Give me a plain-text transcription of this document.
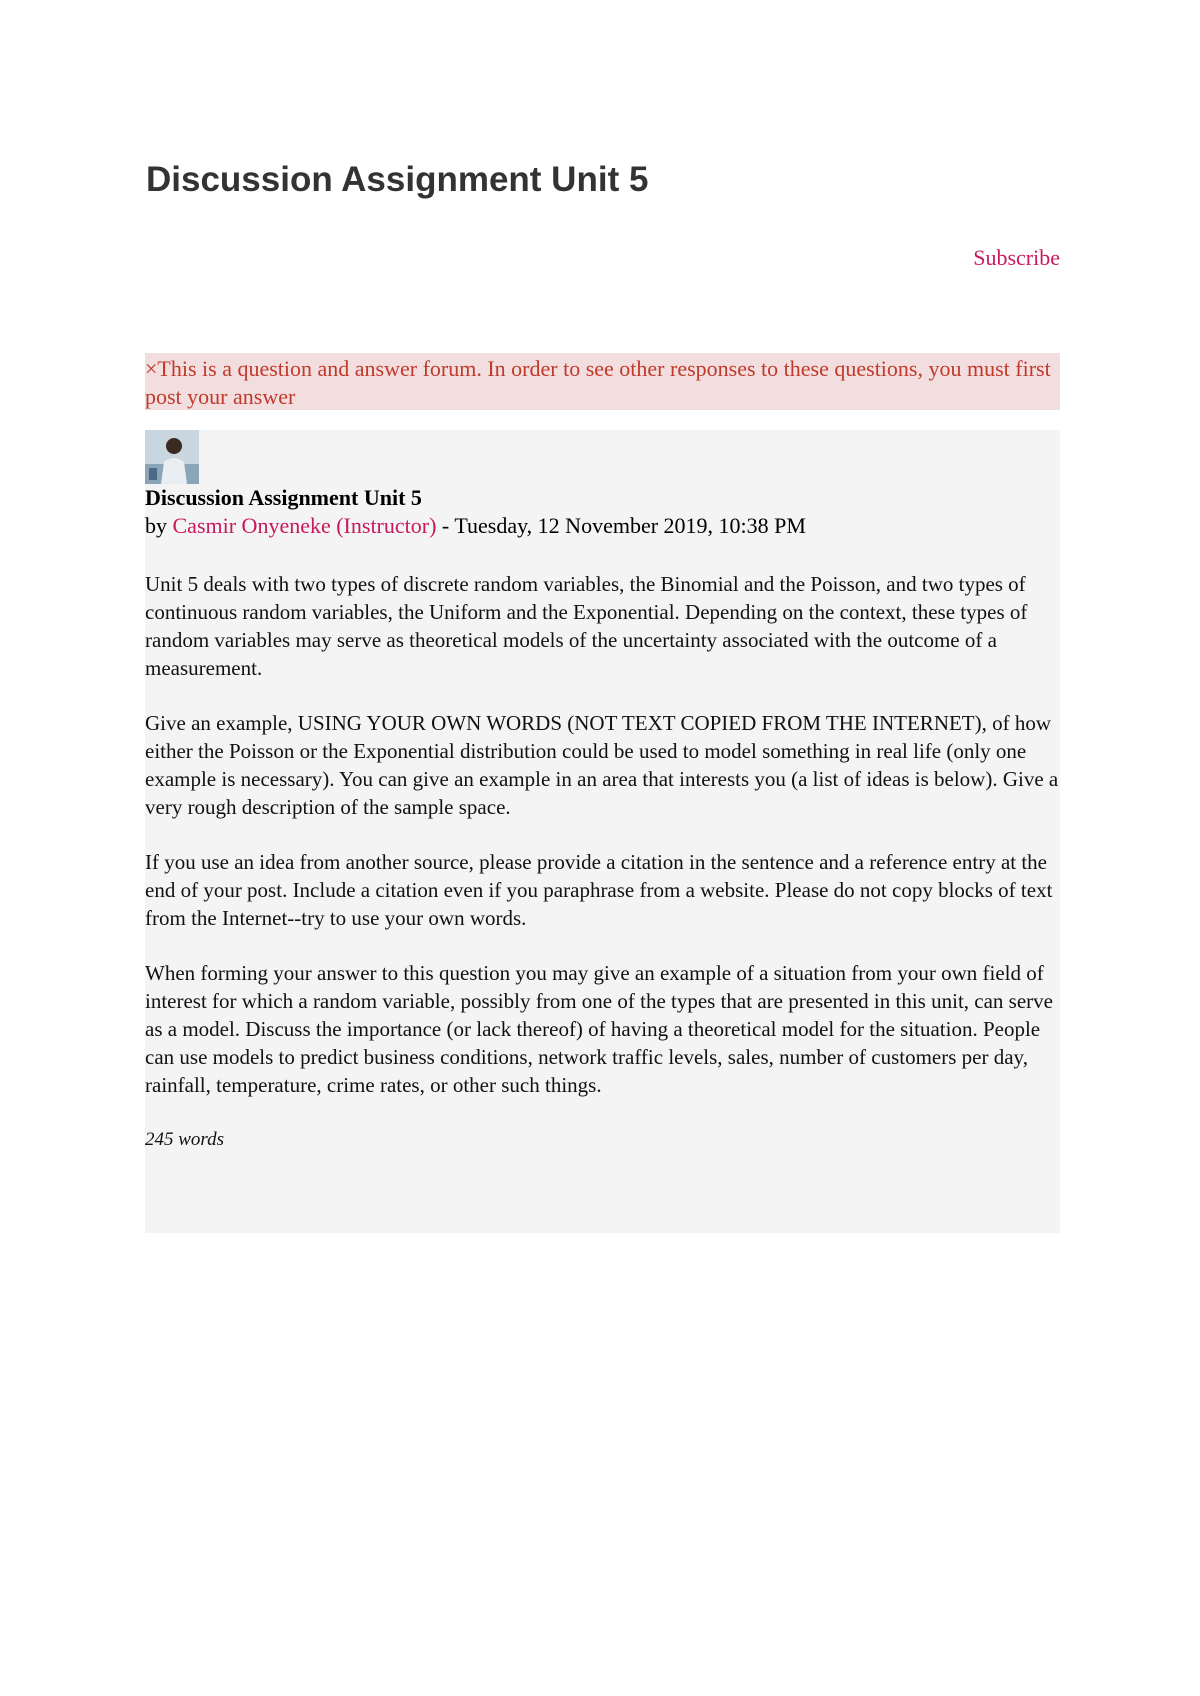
Discussion Assignment Unit 5
Subscribe
×This is a question and answer forum. In order to see other responses to these questions, you must first post your answer
Discussion Assignment Unit 5
by Casmir Onyeneke (Instructor) - Tuesday, 12 November 2019, 10:38 PM

Unit 5 deals with two types of discrete random variables, the Binomial and the Poisson, and two types of continuous random variables, the Uniform and the Exponential. Depending on the context, these types of random variables may serve as theoretical models of the uncertainty associated with the outcome of a measurement.

Give an example, USING YOUR OWN WORDS (NOT TEXT COPIED FROM THE INTERNET), of how either the Poisson or the Exponential distribution could be used to model something in real life (only one example is necessary). You can give an example in an area that interests you (a list of ideas is below). Give a very rough description of the sample space.

If you use an idea from another source, please provide a citation in the sentence and a reference entry at the end of your post. Include a citation even if you paraphrase from a website. Please do not copy blocks of text from the Internet--try to use your own words.

When forming your answer to this question you may give an example of a situation from your own field of interest for which a random variable, possibly from one of the types that are presented in this unit, can serve as a model. Discuss the importance (or lack thereof) of having a theoretical model for the situation. People can use models to predict business conditions, network traffic levels, sales, number of customers per day, rainfall, temperature, crime rates, or other such things.

245 words
